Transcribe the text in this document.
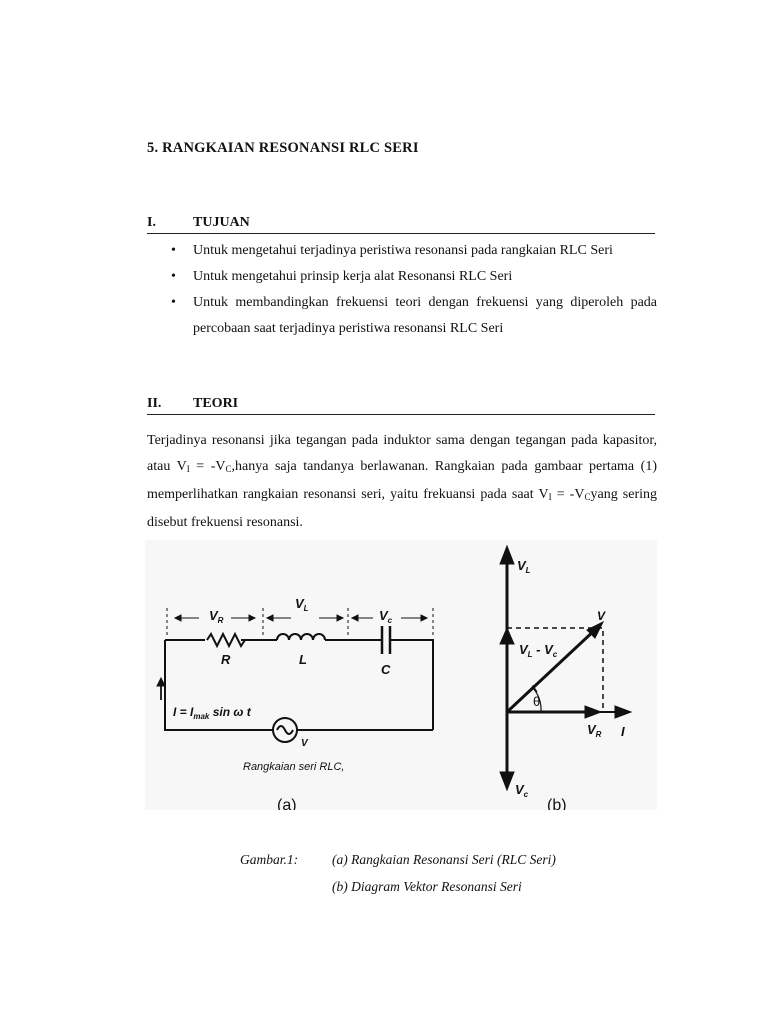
5. RANGKAIAN RESONANSI RLC SERI
I.	TUJUAN
• Untuk mengetahui terjadinya peristiwa resonansi pada rangkaian RLC Seri
• Untuk mengetahui prinsip kerja alat Resonansi RLC Seri
• Untuk membandingkan frekuensi teori dengan frekuensi yang diperoleh pada percobaan saat terjadinya peristiwa resonansi RLC Seri
II. TEORI

Terjadinya resonansi jika tegangan pada induktor sama dengan tegangan pada kapasitor, atau $V_I$ = $-V_C,hanya$ saja tandanya berlawanan. Rangkaian pada gambaar pertama (1) memperlihatkan rangkaian resonansi seri, yaitu frekuansi pada saat $V_I$ = $-V_Cyang$ sering disebut frekuensi resonansi.

$V_R$
$V_L$	$V_c$
R	L
C
$I = I_{mak}$ sin ω t
V
Rangkaian seri RLC,
(a)
$V_L$
V
$V_L - V_c$
$V_R$ I
$V_c$
θ
(b)
Gambar.1:	(a) Rangkaian Resonansi Seri (RLC Seri)
(b) Diagram Vektor Resonansi Seri
